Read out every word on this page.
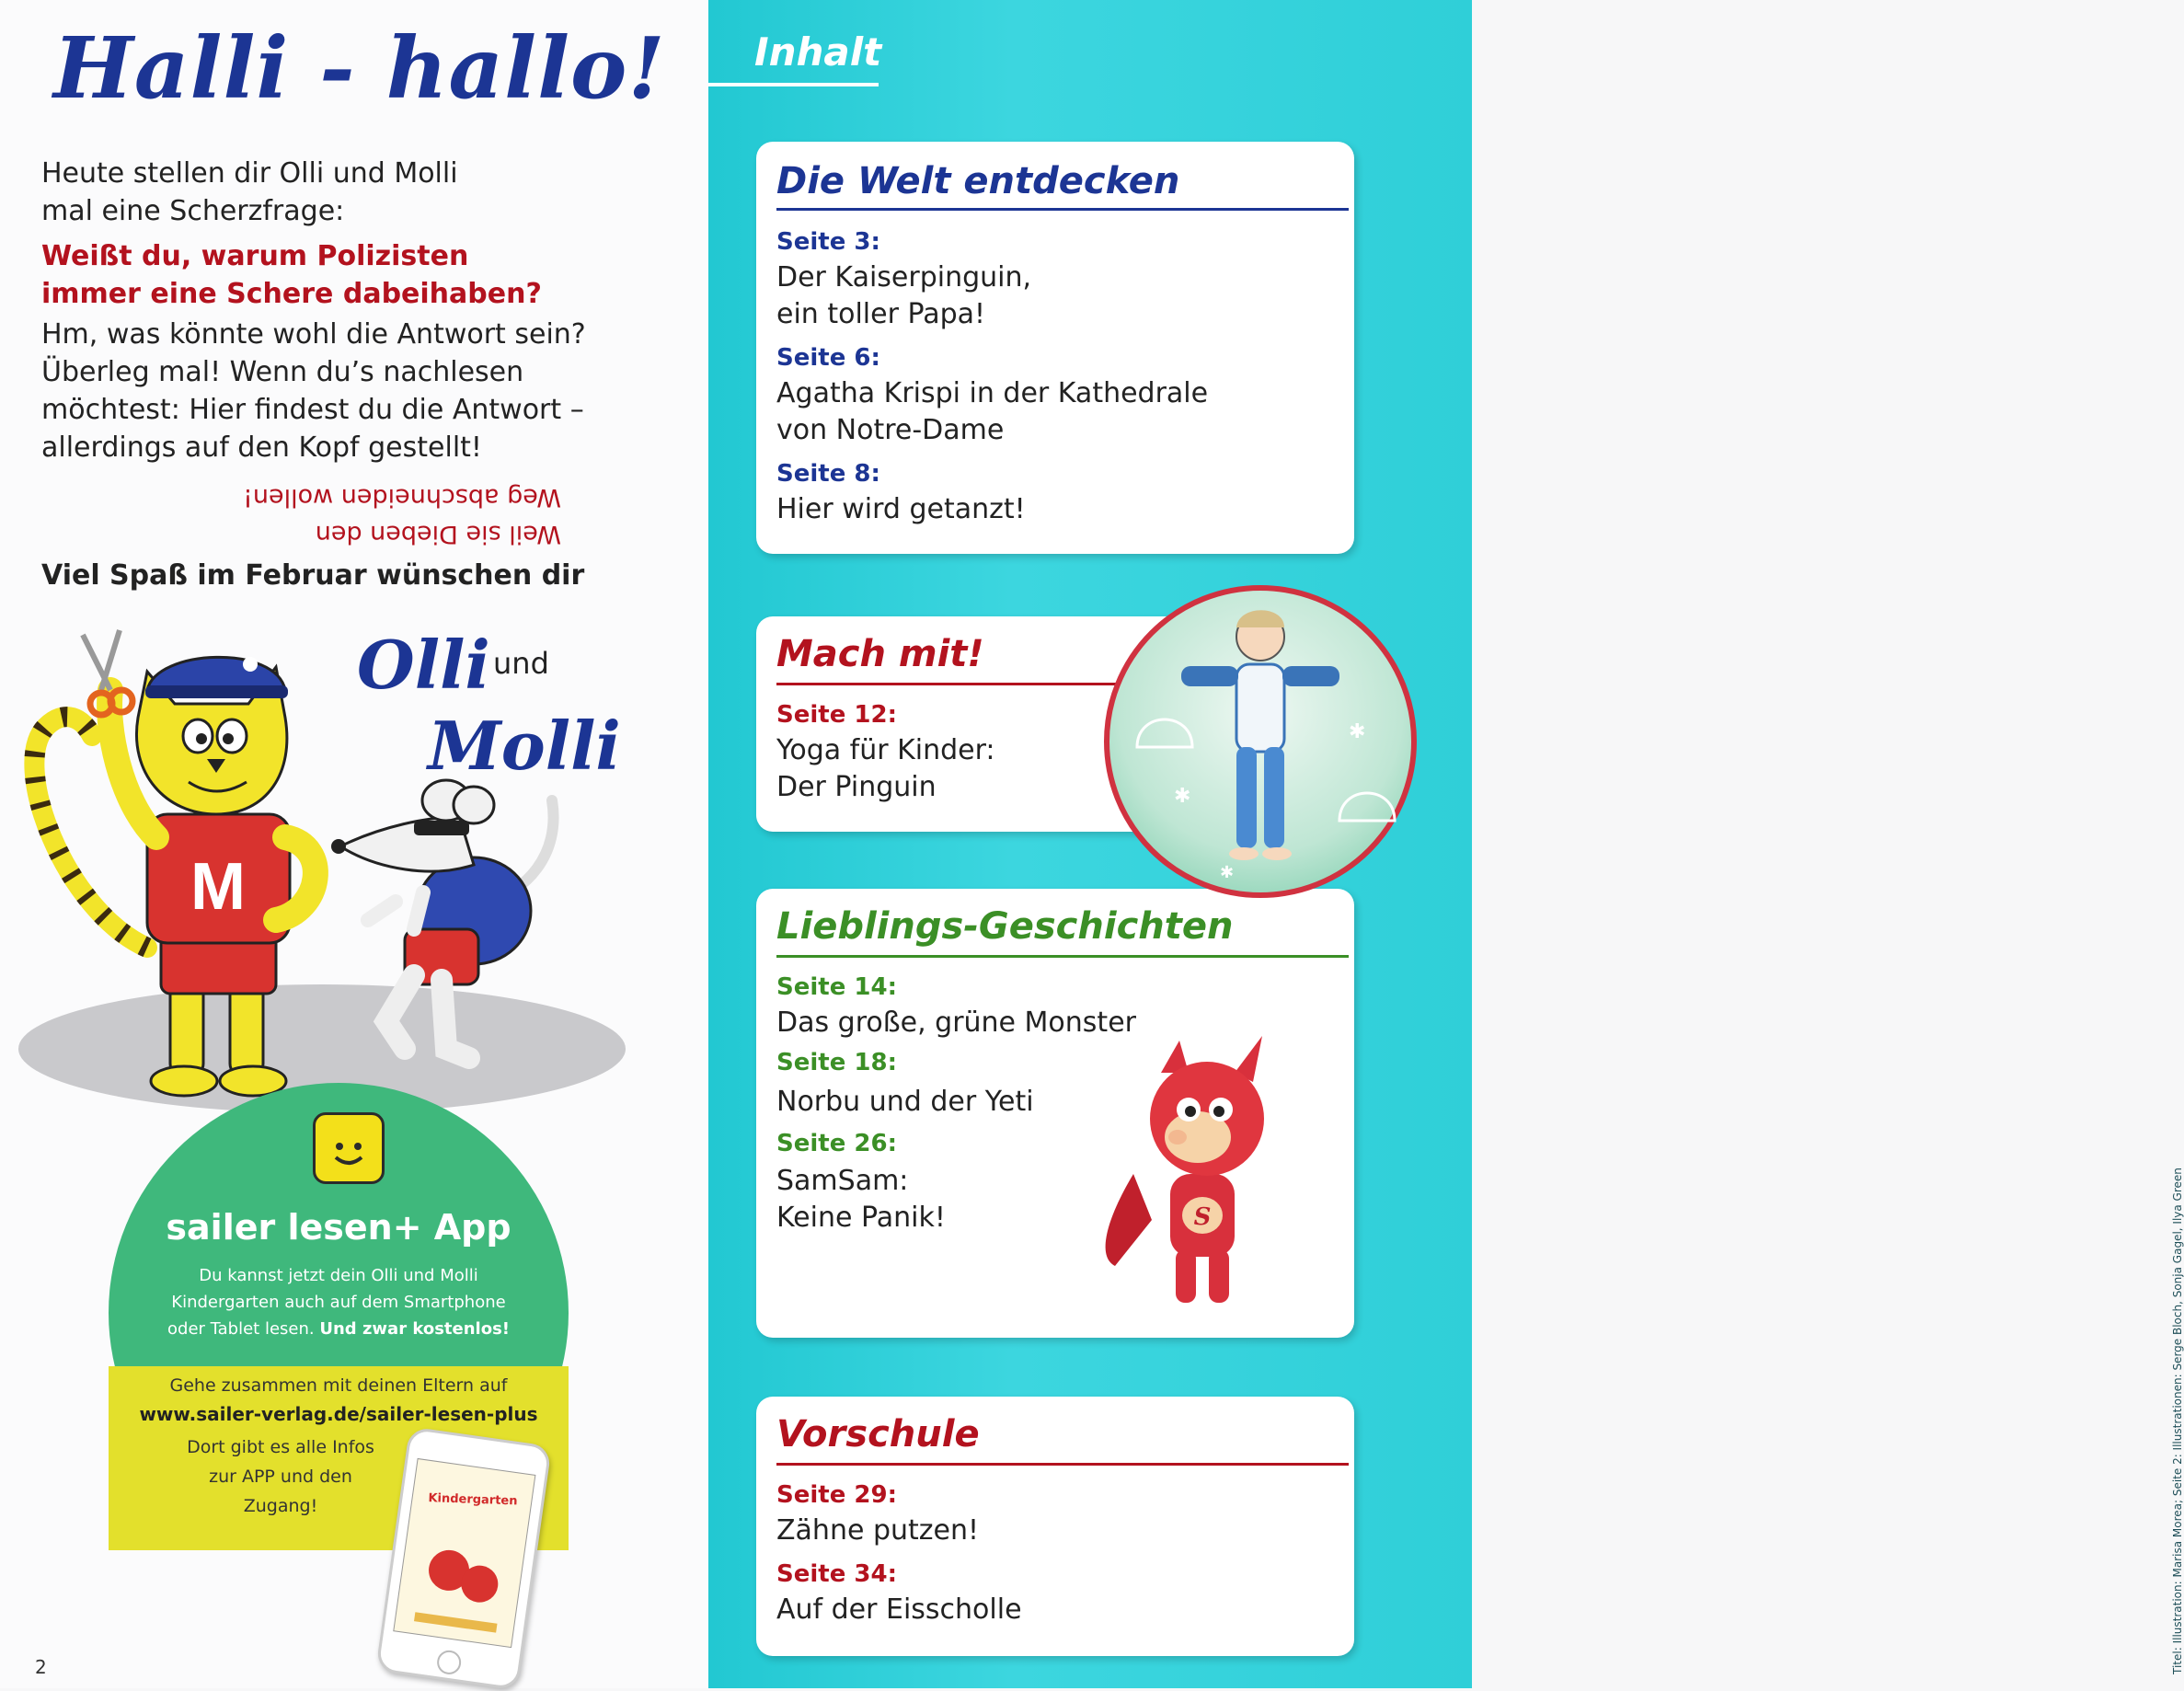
Halli - hallo!
Heute stellen dir Olli und Molli
mal eine Scherzfrage:
Weißt du, warum Polizisten
immer eine Schere dabeihaben?
Hm, was könnte wohl die Antwort sein?
Überleg mal! Wenn du’s nachlesen
möchtest: Hier findest du die Antwort –
allerdings auf den Kopf gestellt!
Weil sie Dieben den
Weg abschneiden wollen!
Viel Spaß im Februar wünschen dir
M
Olli und
Molli
sailer lesen+ App
Du kannst jetzt dein Olli und Molli
Kindergarten auch auf dem Smartphone
oder Tablet lesen. Und zwar kostenlos!
Gehe zusammen mit deinen Eltern auf
www.sailer-verlag.de/sailer-lesen-plus
Dort gibt es alle Infos
zur APP und den
Zugang!	Kindergarten
2
Inhalt
Die Welt entdecken
Seite 3:
Der Kaiserpinguin,
ein toller Papa!
Seite 6:
Agatha Krispi in der Kathedrale
von Notre-Dame
Seite 8:
Hier wird getanzt!
Mach mit!
Seite 12:
Yoga für Kinder:
Der Pinguin
Lieblings-Geschichten
Seite 14:
Das große, grüne Monster
Seite 18:
Norbu und der Yeti
Seite 26:
SamSam:
Keine Panik!	S
Vorschule
Seite 29:
Zähne putzen!
Seite 34:
Auf der Eisscholle	Titel: Illustration: Marisa Morea; Seite 2: Illustrationen: Serge Bloch, Sonja Gagel, Ilya Green
✱
✱
✱
